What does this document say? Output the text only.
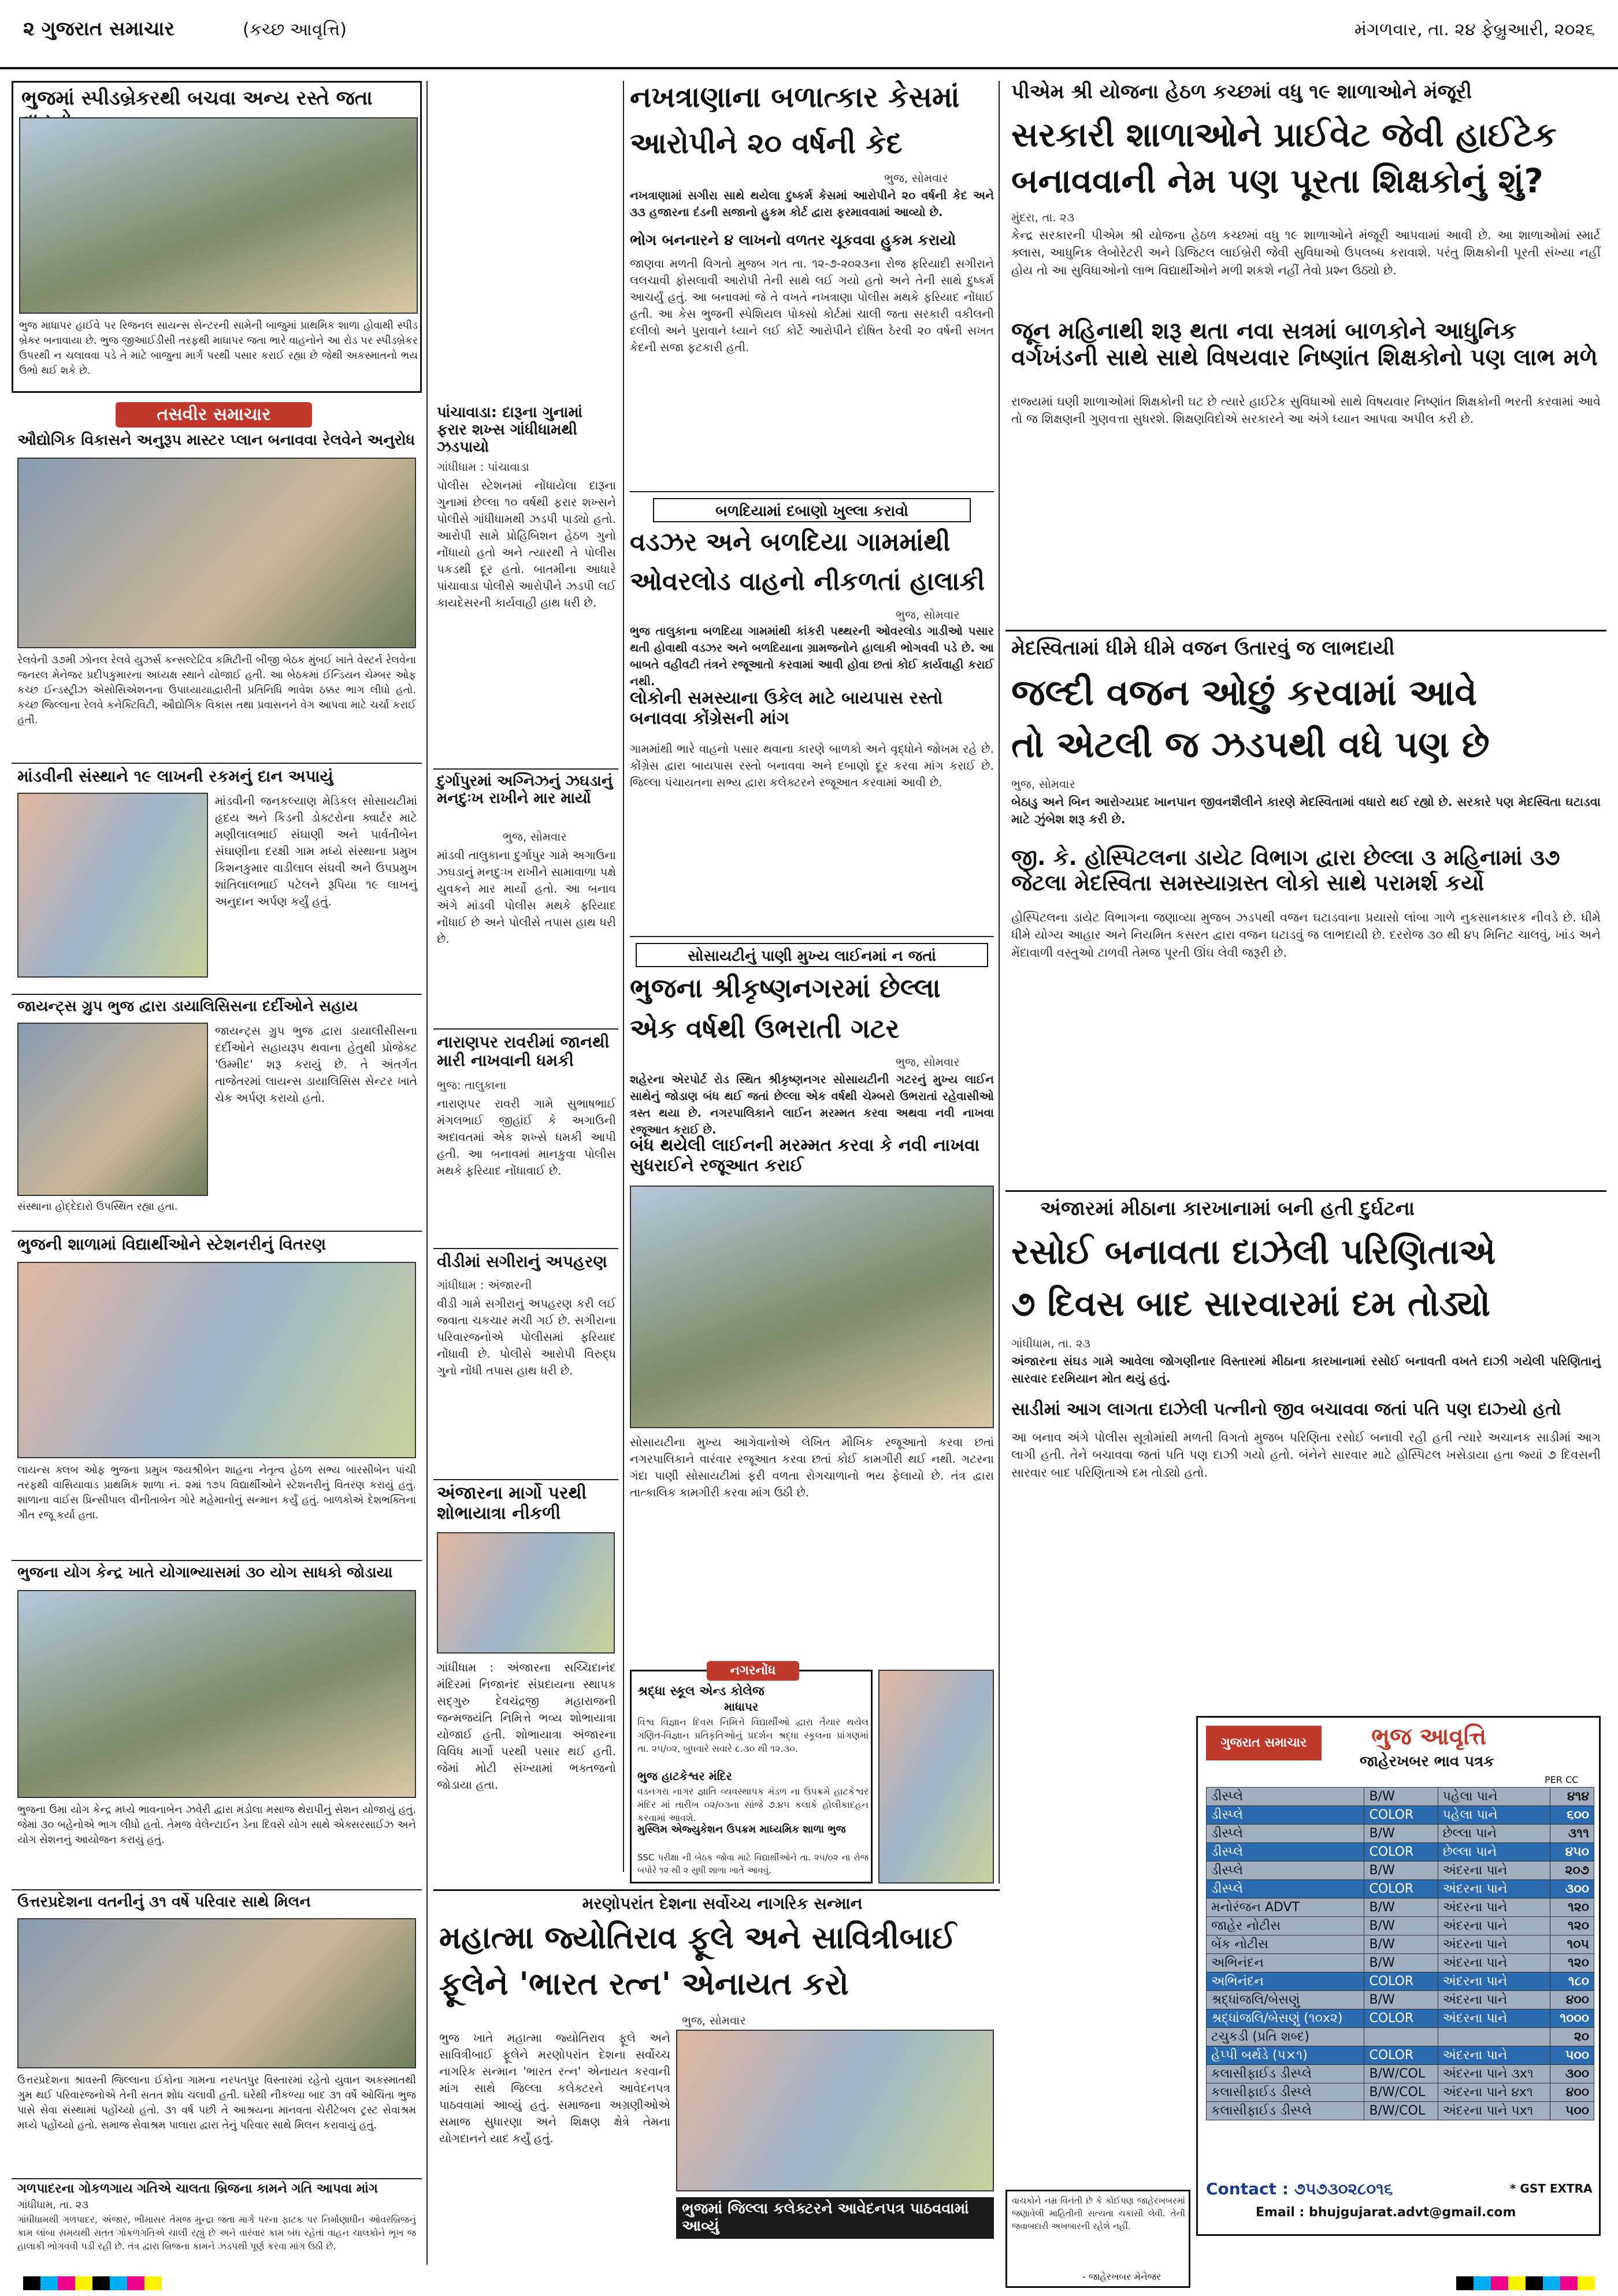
૨ ગુજરાત સમાચાર	(કચ્છ આવૃત્તિ)	મંગળવાર, તા. ૨૪ ફેબ્રુઆરી, ૨૦૨૬
ભુજમાં સ્પીડબ્રેકરથી બચવા અન્ય રસ્તે જતા
ભુજ માધાપર હાઈવે પર રિજનલ સાયન્સ સેન્ટરની સામેની બાજુમાં પ્રાથમિક શાળા હોવાથી સ્પીડ બ્રેકર બનાવાયા છે. ભુજ જીઆઈડીસી તરફથી માધાપર જતા ભારે વાહનોને આ રોડ પર સ્પીડબ્રેકર ઉપરથી ન ચલાવવા પડે તે માટે બાજુના માર્ગ પરથી પસાર કરાઈ રહ્યા છે જેથી અકસ્માતનો ભય ઉભો થઈ શકે છે.
તસવીર સમાચાર
ઔદ્યોગિક વિકાસને અનુરૂપ માસ્ટર પ્લાન બનાવવા રેલવેને અનુરોધ
રેલવેની ૩૭મી ઝોનલ રેલવે યુઝર્સ કન્સલ્ટેટિવ કમિટીની બીજી બેઠક મુંબઈ ખાતે વેસ્ટર્ન રેલવેના જનરલ મેનેજર પ્રદીપકુમારના અધ્યક્ષ સ્થાને યોજાઈ હતી. આ બેઠકમાં ઈન્ડિયન ચેમ્બર ઓફ કચ્છ ઈન્ડસ્ટ્રીઝ એસોસિએશનના ઉપાધ્યાયાદ્વારીતી પ્રતિનિધિ ભાવેશ ઠક્કર ભાગ લીધો હતો. કચ્છ જિલ્લાના રેલવે કનેક્ટિવિટી, ઔદ્યોગિક વિકાસ તથા પ્રવાસનને વેગ આપવા માટે ચર્ચા કરાઈ હતી.
માંડવીની સંસ્થાને ૧૯ લાખની રકમનું દાન અપાયું
માંડવીની જનકલ્યાણ મેડિકલ સોસાયટીમાં હૃદય અને કિડની ડોક્ટરોના ક્વાર્ટર માટે મણીલાલભાઈ સંઘાણી અને પાર્વતીબેન સંઘાણીના દરક્ષી ગામ મધ્યે સંસ્થાના પ્રમુખ કિશનકુમાર વાડીલાલ સંઘવી અને ઉપપ્રમુખ શાંતિલાલભાઈ પટેલને રૂપિયા ૧૯ લાખનું અનુદાન અર્પણ કર્યું હતું.
જાયન્ટ્સ ગ્રુપ ભુજ દ્વારા ડાયાલિસિસના દર્દીઓને સહાય
જાયન્ટ્સ ગ્રુપ ભુજ દ્વારા ડાયાલીસીસના દર્દીઓને સહાયરૂપ થવાના હેતુથી પ્રોજેક્ટ 'ઉમ્મીદ' શરૂ કરાયું છે. તે અંતર્ગત તાજેતરમાં લાયન્સ ડાયાલિસિસ સેન્ટર ખાતે ચેક અર્પણ કરાયો હતો.
સંસ્થાના હોદ્દેદારો ઉપસ્થિત રહ્યા હતા.
ભુજની શાળામાં વિદ્યાર્થીઓને સ્ટેશનરીનું વિતરણ
લાયન્સ ક્લબ ઓફ ભુજના પ્રમુખ જયશ્રીબેન શાહના નેતૃત્વ હેઠળ સભ્ય બારસીબેન પાંચી તરફથી વાસિયાવાડ પ્રાથમિક શાળા નં. ૨માં ૧૭૫ વિદ્યાર્થીઓને સ્ટેશનરીનું વિતરણ કરાયું હતું. શાળાના વાઈસ પ્રિન્સીપાલ વીનીતાબેન ગોરે મહેમાનોનું સન્માન કર્યું હતું. બાળકોએ દેશભક્તિના ગીત રજૂ કર્યા હતા.
ભુજના યોગ કેન્દ્ર ખાતે યોગાભ્યાસમાં ૩૦ યોગ સાધકો જોડાયા
ભુજના ઉમા યોગ કેન્દ્ર મધ્યે ભાવનાબેન ઝવેરી દ્વારા મંડોલા મસાજ થેરાપીનું સેશન યોજાયું હતું. જેમાં ૩૦ બહેનોએ ભાગ લીધો હતો. તેમજ વેલેન્ટાઈન ડેના દિવસે યોગ સાથે એક્સરસાઈઝ અને યોગ સેશનનું આયોજન કરાયું હતું.
ઉત્તરપ્રદેશના વતનીનું ૩૧ વર્ષે પરિવાર સાથે મિલન
ઉત્તરપ્રદેશના શ્રાવસ્તી જિલ્લાના ઈકોના ગામના નરપતપુર વિસ્તારમાં રહેતો યુવાન અકસ્માતથી ગુમ થઈ પરિવારજનોએ તેની સતત શોધ ચલાવી હતી. ઘરેથી નીકળ્યા બાદ ૩૧ વર્ષે ઓચિંતા ભુજ પાસે સેવા સંસ્થામાં પહોંચ્યો હતો. ૩૧ વર્ષ પછી તે આશ્રયના માનવતા ચેરીટેબલ ટ્રસ્ટ સેવાશ્રમ મધ્યે પહોંચ્યો હતો. સમાજ સેવાશ્રમ પાલારા દ્વારા તેનું પરિવાર સાથે મિલન કરાવાયું હતું.
ગળપાદરના ગોકળગાય ગતિએ ચાલતા બ્રિજના કામને ગતિ આપવા માંગ
ગાંધીધામ, તા. ૨૩
ગાંધીધામથી ગળપાદર, અંજાર, ભીમાસર તેમજ મુન્દ્રા જતા માર્ગ પરના ફાટક પર નિર્માણાધીન ઓવરબ્રિજનું કામ લાંબા સમયથી સતત ગોકળગતિએ ચાલી રહ્યું છે અને વારંવાર કામ બંધ રહેતાં વાહન ચાલકોને ભૂખ જ હાલાકી ભોગવવી પડી રહી છે. તંત્ર દ્વારા બ્રિજના કામને ઝડપથી પૂર્ણ કરવા માંગ ઉઠી છે.
પાંચાવાડા: દારૂના ગુનામાં ફરાર શખ્સ ગાંધીધામથી ઝડપાયો
ગાંધીધામ : પાંચાવાડા
પોલીસ સ્ટેશનમાં નોંધાયેલા દારૂના ગુનામાં છેલ્લા ૧૦ વર્ષથી ફરાર શખ્સને પોલીસે ગાંધીધામથી ઝડપી પાડ્યો હતો. આરોપી સામે પ્રોહિબિશન હેઠળ ગુનો નોંધાયો હતો અને ત્યારથી તે પોલીસ પકડથી દૂર હતો. બાતમીના આધારે પાંચાવાડા પોલીસે આરોપીને ઝડપી લઈ કાયદેસરની કાર્યવાહી હાથ ધરી છે.
દુર્ગાપુરમાં અગ્નિઝનું ઝઘડાનું મનદુઃખ રાખીને માર માર્યો
ભુજ, સોમવાર
માંડવી તાલુકાના દુર્ગાપુર ગામે અગાઉના ઝઘડાનું મનદુઃખ રાખીને સામાવાળા પક્ષે યુવકને માર માર્યો હતો. આ બનાવ અંગે માંડવી પોલીસ મથકે ફરિયાદ નોંધાઈ છે અને પોલીસે તપાસ હાથ ધરી છે.
નારાણપર રાવરીમાં જાનથી મારી નાખવાની ધમકી
ભુજ: તાલુકાના
નારાણપર રાવરી ગામે સુભાષભાઈ મંગલભાઈ જીહાંઈ કે અગાઉની અદાવતમાં એક શખ્સે ધમકી આપી હતી. આ બનાવમાં માનકુવા પોલીસ મથકે ફરિયાદ નોંધાવાઈ છે.
વીડીમાં સગીરાનું અપહરણ
ગાંધીધામ : અંજારની
વીડી ગામે સગીરાનું અપહરણ કરી લઈ જવાતા ચકચાર મચી ગઈ છે. સગીરાના પરિવારજનોએ પોલીસમાં ફરિયાદ નોંધાવી છે. પોલીસે આરોપી વિરુદ્ધ ગુનો નોંધી તપાસ હાથ ધરી છે.
અંજારના માર્ગો પરથી શોભાયાત્રા નીકળી
ગાંધીધામ : અંજારના સચ્ચિદાનંદ મંદિરમાં નિજાનંદ સંપ્રદાયના સ્થાપક સદ્ગુરુ દેવચંદ્રજી મહારાજની જન્મજયંતિ નિમિત્તે ભવ્ય શોભાયાત્રા યોજાઈ હતી. શોભાયાત્રા અંજારના વિવિધ માર્ગો પરથી પસાર થઈ હતી. જેમાં મોટી સંખ્યામાં ભક્તજનો જોડાયા હતા.
નખત્રાણાના બળાત્કાર કેસમાં
આરોપીને ૨૦ વર્ષની કેદ
ભુજ, સોમવાર
નખત્રાણામાં સગીરા સાથે થયેલા દુષ્કર્મ કેસમાં આરોપીને ૨૦ વર્ષની કેદ અને ૩૩ હજારના દંડની સજાનો હુકમ કોર્ટ દ્વારા ફરમાવવામાં આવ્યો છે.
ભોગ બનનારને ૪ લાખનો વળતર ચૂકવવા હુકમ કરાયો
જાણવા મળતી વિગતો મુજબ ગત તા. ૧૨-૭-૨૦૨૩ના રોજ ફરિયાદી સગીરાને લલચાવી ફોસલાવી આરોપી તેની સાથે લઈ ગયો હતો અને તેની સાથે દુષ્કર્મ આચર્યું હતું. આ બનાવમાં જે તે વખતે નખત્રાણા પોલીસ મથકે ફરિયાદ નોંધાઈ હતી. આ કેસ ભુજની સ્પેશિયલ પોક્સો કોર્ટમાં ચાલી જતા સરકારી વકીલની દલીલો અને પુરાવાને ધ્યાને લઈ કોર્ટે આરોપીને દોષિત ઠેરવી ૨૦ વર્ષની સખત કેદની સજા ફટકારી હતી.
બળદિયામાં દબાણો ખુલ્લા કરાવો
વડઝર અને બળદિયા ગામમાંથી
ઓવરલોડ વાહનો નીકળતાં હાલાકી
ભુજ, સોમવાર
ભુજ તાલુકાના બળદિયા ગામમાંથી કાંકરી પથ્થરની ઓવરલોડ ગાડીઓ પસાર થતી હોવાથી વડઝર અને બળદિયાના ગ્રામજનોને હાલાકી ભોગવવી પડે છે. આ બાબતે વહીવટી તંત્રને રજૂઆતો કરવામાં આવી હોવા છતાં કોઈ કાર્યવાહી કરાઈ નથી.
લોકોની સમસ્યાના ઉકેલ માટે બાયપાસ રસ્તો બનાવવા કોંગ્રેસની માંગ
ગામમાંથી ભારે વાહનો પસાર થવાના કારણે બાળકો અને વૃદ્ધોને જોખમ રહે છે. કોંગ્રેસ દ્વારા બાયપાસ રસ્તો બનાવવા અને દબાણો દૂર કરવા માંગ કરાઈ છે. જિલ્લા પંચાયતના સભ્ય દ્વારા કલેક્ટરને રજૂઆત કરવામાં આવી છે.
સોસાયટીનું પાણી મુખ્ય લાઈનમાં ન જતાં
ભુજના શ્રીકૃષ્ણનગરમાં છેલ્લા
એક વર્ષથી ઉભરાતી ગટર
ભુજ, સોમવાર
શહેરના એરપોર્ટ રોડ સ્થિત શ્રીકૃષ્ણનગર સોસાયટીની ગટરનું મુખ્ય લાઈન સાથેનું જોડાણ બંધ થઈ જતાં છેલ્લા એક વર્ષથી ચેમ્બરો ઉભરાતાં રહેવાસીઓ ત્રસ્ત થયા છે. નગરપાલિકાને લાઈન મરમ્મત કરવા અથવા નવી નાખવા રજૂઆત કરાઈ છે.
બંધ થયેલી લાઈનની મરમ્મત કરવા કે નવી નાખવા સુધરાઈને રજૂઆત કરાઈ
સોસાયટીના મુખ્ય આગેવાનોએ લેખિત મૌખિક રજૂઆતો કરવા છતાં નગરપાલિકાને વારંવાર રજૂઆત કરવા છતાં કોઈ કામગીરી થઈ નથી. ગટરના ગંદા પાણી સોસાયટીમાં ફરી વળતા રોગચાળાનો ભય ફેલાયો છે. તંત્ર દ્વારા તાત્કાલિક કામગીરી કરવા માંગ ઉઠી છે.
નગરનોંધ
શ્રદ્ધા સ્કૂલ એન્ડ કોલેજ
માધાપર
વિશ્વ વિજ્ઞાન દિવસ નિમિત્તે વિદ્યાર્થીઓ દ્વારા તૈયાર થયેલ ગણિત-વિજ્ઞાન પ્રતિકૃતિઓનું પ્રદર્શન શ્રદ્ધા સ્કૂલના પ્રાંગણમાં તા. ૨૫/૦૨, બુધવારે સવારે ૮.૩૦ થી ૧૨.૩૦.
ભુજ હાટકેશ્વર મંદિર
વડનગરા નાગર જ્ઞાતિ વ્યવસ્થાપક મંડળ ના ઉપક્રમે હાટકેશ્વર મંદિર માં તારીખ ૦૨/૦૩ના સાંજે ૭.૪૫ કલાકે હોલીકાદહન કરવામાં આવશે.
મુસ્લિમ એજ્યુકેશન ઉપક્રમ માધ્યમિક શાળા ભુજ
SSC પરીક્ષા ની બેઠક જોવા માટે વિદ્યાર્થીઓને તા. ૨૫/૦૨ ના રોજ બપોરે ૧૨ થી ૨ સુધી શાળા ખાતે આવવું.
પીએમ શ્રી યોજના હેઠળ કચ્છમાં વધુ ૧૯ શાળાઓને મંજૂરી
સરકારી શાળાઓને પ્રાઈવેટ જેવી હાઈટેક
બનાવવાની નેમ પણ પૂરતા શિક્ષકોનું શું?
મુંદરા, તા. ૨૩
કેન્દ્ર સરકારની પીએમ શ્રી યોજના હેઠળ કચ્છમાં વધુ ૧૯ શાળાઓને મંજૂરી આપવામાં આવી છે. આ શાળાઓમાં સ્માર્ટ ક્લાસ, આધુનિક લેબોરેટરી અને ડિજિટલ લાઈબ્રેરી જેવી સુવિધાઓ ઉપલબ્ધ કરાવાશે. પરંતુ શિક્ષકોની પૂરતી સંખ્યા નહીં હોય તો આ સુવિધાઓનો લાભ વિદ્યાર્થીઓને મળી શકશે નહીં તેવો પ્રશ્ન ઉઠ્યો છે.
જૂન મહિનાથી શરૂ થતા નવા સત્રમાં બાળકોને આધુનિક વર્ગખંડની સાથે સાથે વિષયવાર નિષ્ણાંત શિક્ષકોનો પણ લાભ મળે
રાજ્યમાં ઘણી શાળાઓમાં શિક્ષકોની ઘટ છે ત્યારે હાઈટેક સુવિધાઓ સાથે વિષયવાર નિષ્ણાંત શિક્ષકોની ભરતી કરવામાં આવે તો જ શિક્ષણની ગુણવત્તા સુધરશે. શિક્ષણવિદોએ સરકારને આ અંગે ધ્યાન આપવા અપીલ કરી છે.
મેદસ્વિતામાં ધીમે ધીમે વજન ઉતારવું જ લાભદાયી
જલ્દી વજન ઓછું કરવામાં આવે
તો એટલી જ ઝડપથી વધે પણ છે
ભુજ, સોમવાર
બેઠાડુ અને બિન આરોગ્યપ્રદ ખાનપાન જીવનશૈલીને કારણે મેદસ્વિતામાં વધારો થઈ રહ્યો છે. સરકારે પણ મેદસ્વિતા ઘટાડવા માટે ઝુંબેશ શરૂ કરી છે.
જી. કે. હોસ્પિટલના ડાયેટ વિભાગ દ્વારા છેલ્લા ૩ મહિનામાં ૩૭ જેટલા મેદસ્વિતા સમસ્યાગ્રસ્ત લોકો સાથે પરામર્શ કર્યો
હોસ્પિટલના ડાયેટ વિભાગના જણાવ્યા મુજબ ઝડપથી વજન ઘટાડવાના પ્રયાસો લાંબા ગાળે નુકસાનકારક નીવડે છે. ધીમે ધીમે યોગ્ય આહાર અને નિયમિત કસરત દ્વારા વજન ઘટાડવું જ લાભદાયી છે. દરરોજ ૩૦ થી ૪૫ મિનિટ ચાલવું, ખાંડ અને મેંદાવાળી વસ્તુઓ ટાળવી તેમજ પૂરતી ઊંઘ લેવી જરૂરી છે.
અંજારમાં મીઠાના કારખાનામાં બની હતી દુર્ઘટના
રસોઈ બનાવતા દાઝેલી પરિણિતાએ
૭ દિવસ બાદ સારવારમાં દમ તોડ્યો
ગાંધીધામ, તા. ૨૩
અંજારના સંઘડ ગામે આવેલા જોગણીનાર વિસ્તારમાં મીઠાના કારખાનામાં રસોઈ બનાવતી વખતે દાઝી ગયેલી પરિણિતાનું સારવાર દરમિયાન મોત થયું હતું.
સાડીમાં આગ લાગતા દાઝેલી પત્નીનો જીવ બચાવવા જતાં પતિ પણ દાઝ્યો હતો
આ બનાવ અંગે પોલીસ સૂત્રોમાંથી મળતી વિગતો મુજબ પરિણિતા રસોઈ બનાવી રહી હતી ત્યારે અચાનક સાડીમાં આગ લાગી હતી. તેને બચાવવા જતાં પતિ પણ દાઝી ગયો હતો. બંનેને સારવાર માટે હોસ્પિટલ ખસેડાયા હતા જ્યાં ૭ દિવસની સારવાર બાદ પરિણિતાએ દમ તોડ્યો હતો.
ગુજરાત સમાચાર	ભુજ આવૃત્તિ
જાહેરખબર ભાવ પત્રક
PER CC
ડીસ્પ્લે	B/W	પહેલા પાને	૪૧૪
ડીસ્પ્લે	COLOR	પહેલા પાને	૬૦૦
ડીસ્પ્લે	B/W	છેલ્લા પાને	૩૧૧
ડીસ્પ્લે	COLOR	છેલ્લા પાને	૪૫૦
ડીસ્પ્લે	B/W	અંદરના પાને	૨૦૭
ડીસ્પ્લે	COLOR	અંદરના પાને	૩૦૦
મનોરંજન ADVT	B/W	અંદરના પાને	૧૨૦
જાહેર નોટીસ	B/W	અંદરના પાને	૧૨૦
બેંક નોટીસ	B/W	અંદરના પાને	૧૦૫
અભિનંદન	B/W	અંદરના પાને	૧૨૦
અભિનંદન	COLOR	અંદરના પાને	૧૮૦
શ્રદ્ધાંજલિ/બેસણું	B/W	અંદરના પાને	૪૦૦
શ્રદ્ધાંજલિ/બેસણું (૧૦x૨)	COLOR	અંદરના પાને	૧૦૦૦
ટચુકડી (પ્રતિ શબ્દ)			૨૦
હેપ્પી બર્થડે (પ×૧)	COLOR	અંદરના પાને	૫૦૦
કલાસીફાઈડ ડીસ્પ્લે	B/W/COL	અંદરના પાને ૩x૧	૩૦૦
કલાસીફાઈડ ડીસ્પ્લે	B/W/COL	અંદરના પાને ૪x૧	૪૦૦
કલાસીફાઈડ ડીસ્પ્લે	B/W/COL	અંદરના પાને ૫x૧	૫૦૦
Contact : ૭૫૭૩૦૨૮૦૧૬	* GST EXTRA
Email : bhujgujarat.advt@gmail.com
વાચકોને નમ્ર વિનંતી છે કે કોઈપણ જાહેરખબરમાં જણાવેલી માહિતીની સત્યતા ચકાસી લેવી. તેની જવાબદારી અખબારની રહેશે નહીં.
- જાહેરખબર મેનેજર
મરણોપરાંત દેશના સર્વોચ્ચ નાગરિક સન્માન
મહાત્મા જ્યોતિરાવ ફૂલે અને સાવિત્રીબાઈ
ફૂલેને 'ભારત રત્ન' એનાયત કરો
ભુજ, સોમવાર
ભુજ ખાતે મહાત્મા જ્યોતિરાવ ફૂલે અને સાવિત્રીબાઈ ફૂલેને મરણોપરાંત દેશના સર્વોચ્ચ નાગરિક સન્માન 'ભારત રત્ન' એનાયત કરવાની માંગ સાથે જિલ્લા કલેક્ટરને આવેદનપત્ર પાઠવવામાં આવ્યું હતું. સમાજના અગ્રણીઓએ સમાજ સુધારણા અને શિક્ષણ ક્ષેત્રે તેમના યોગદાનને યાદ કર્યું હતું.
ભુજમાં જિલ્લા કલેક્ટરને આવેદનપત્ર પાઠવવામાં આવ્યું
